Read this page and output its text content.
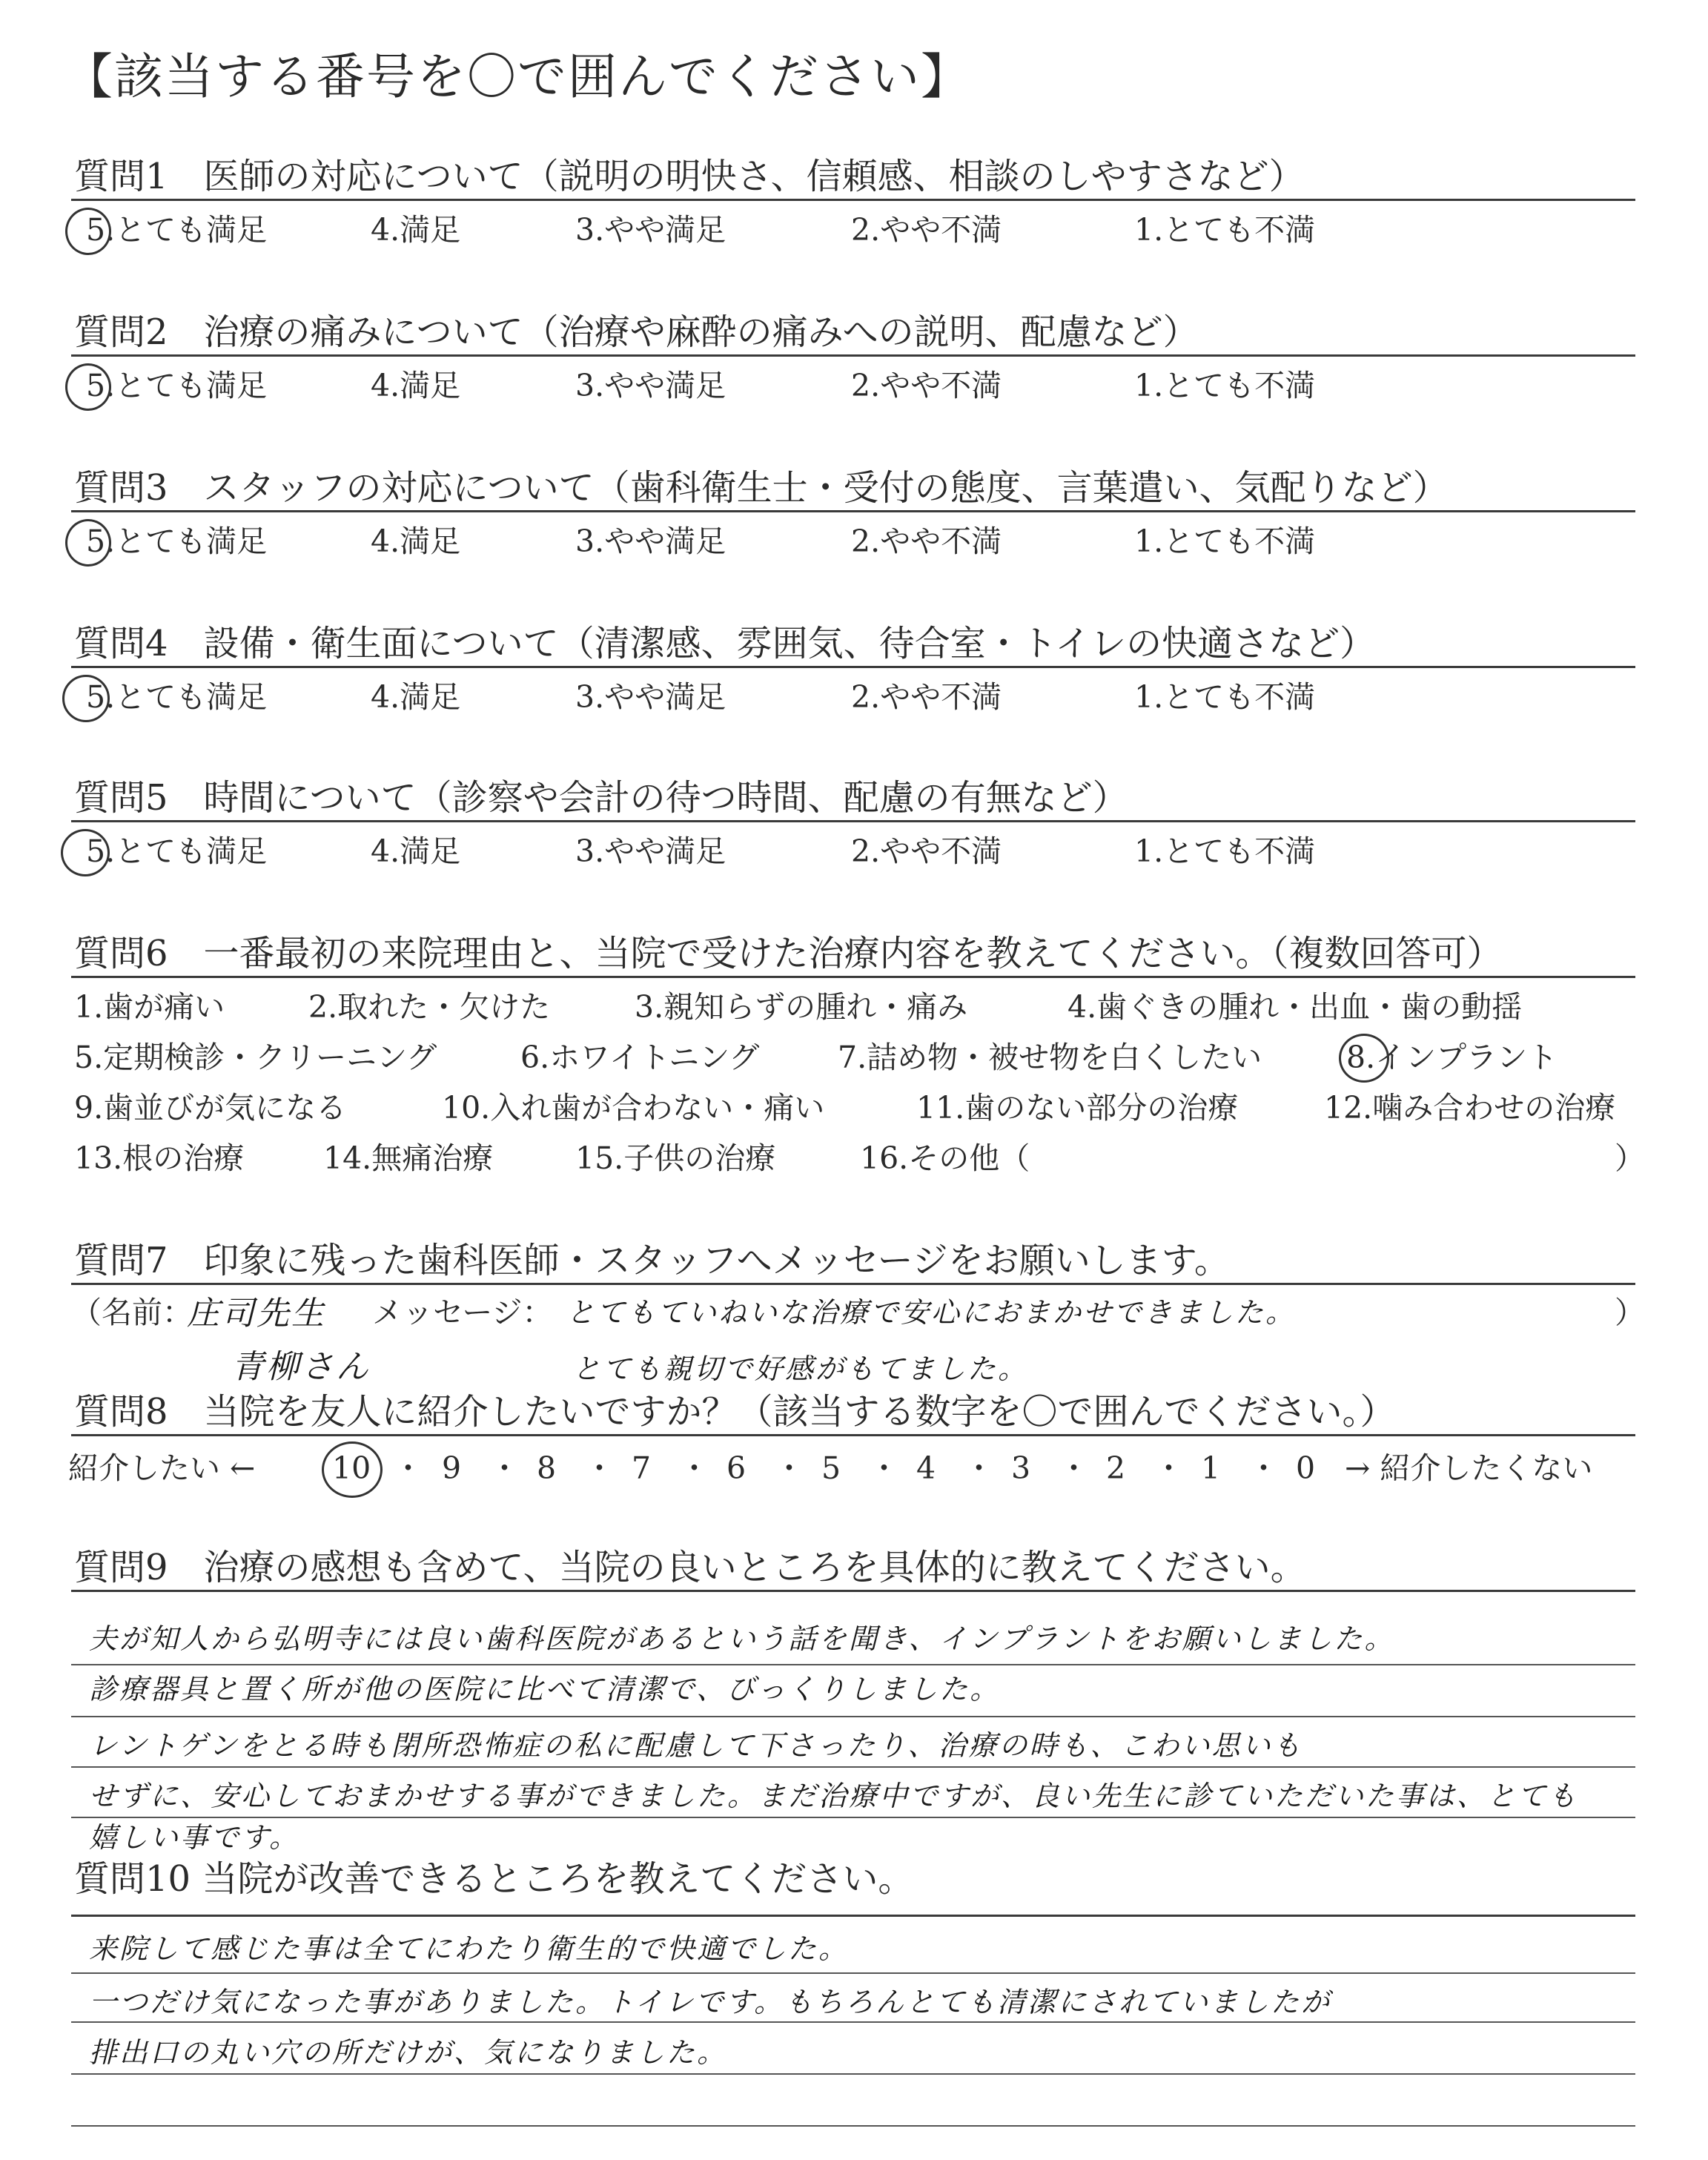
【該当する番号を〇で囲んでください】
質問1　医師の対応について（説明の明快さ、信頼感、相談のしやすさなど）
5.とても満足	4.満足	3.やや満足	2.やや不満	1.とても不満
質問2　治療の痛みについて（治療や麻酔の痛みへの説明、配慮など）
5.とても満足	4.満足	3.やや満足	2.やや不満	1.とても不満
質問3　スタッフの対応について（歯科衛生士・受付の態度、言葉遣い、気配りなど）
5.とても満足	4.満足	3.やや満足	2.やや不満	1.とても不満
質問4　設備・衛生面について（清潔感、雰囲気、待合室・トイレの快適さなど）
5.とても満足	4.満足	3.やや満足	2.やや不満	1.とても不満
質問5　時間について（診察や会計の待つ時間、配慮の有無など）
5.とても満足	4.満足	3.やや満足	2.やや不満	1.とても不満
質問6　一番最初の来院理由と、当院で受けた治療内容を教えてください。（複数回答可）
1.歯が痛い	2.取れた・欠けた	3.親知らずの腫れ・痛み	4.歯ぐきの腫れ・出血・歯の動揺
5.定期検診・クリーニング	6.ホワイトニング	7.詰め物・被せ物を白くしたい	8.インプラント
9.歯並びが気になる	10.入れ歯が合わない・痛い	11.歯のない部分の治療	12.噛み合わせの治療
13.根の治療	14.無痛治療	15.子供の治療	16.その他（	）
質問7　印象に残った歯科医師・スタッフへメッセージをお願いします。
（名前：
庄司先生 メッセージ： とてもていねいな治療で安心におまかせできました。	）
青柳さん	とても親切で好感がもてました。
質問8　当院を友人に紹介したいですか？（該当する数字を〇で囲んでください。）
紹介したい ←	10 ・ 9 ・ 8 ・ 7 ・ 6 ・ 5 ・ 4 ・ 3 ・ 2 ・ 1 ・ 0 → 紹介したくない
質問9　治療の感想も含めて、当院の良いところを具体的に教えてください。
夫が知人から弘明寺には良い歯科医院があるという話を聞き、インプラントをお願いしました。
診療器具と置く所が他の医院に比べて清潔で、びっくりしました。
レントゲンをとる時も閉所恐怖症の私に配慮して下さったり、治療の時も、こわい思いも
せずに、安心しておまかせする事ができました。まだ治療中ですが、良い先生に診ていただいた事は、とても
嬉しい事です。
質問10 当院が改善できるところを教えてください。
来院して感じた事は全てにわたり衛生的で快適でした。
一つだけ気になった事がありました。トイレです。もちろんとても清潔にされていましたが
排出口の丸い穴の所だけが、気になりました。
